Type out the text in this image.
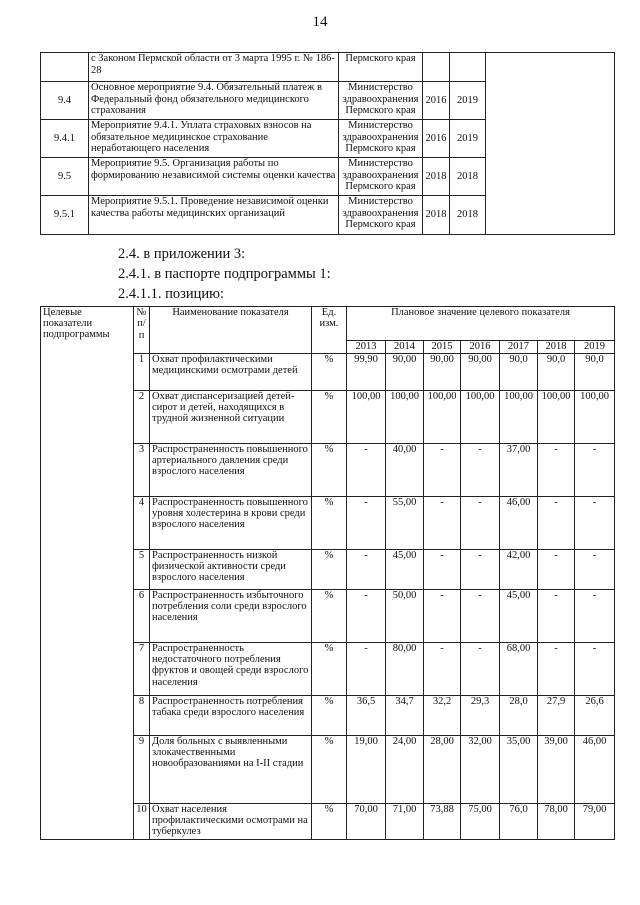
14
	с Законом Пермской области от 3 марта 1995 г. № 186-28	Пермского края			
9.4	Основное мероприятие 9.4. Обязательный платеж в Федеральный фонд обязательного медицинского страхования	Министерство здравоохранения Пермского края	2016	2019	
9.4.1	Мероприятие 9.4.1. Уплата страховых взносов на обязательное медицинское страхование неработающего населения	Министерство здравоохранения Пермского края	2016	2019	
9.5	Мероприятие 9.5. Организация работы по формированию независимой системы оценки качества	Министерство здравоохранения Пермского края	2018	2018	
9.5.1	Мероприятие 9.5.1. Проведение независимой оценки качества работы медицинских организаций	Министерство здравоохранения Пермского края	2018	2018	
2.4. в приложении 3:
2.4.1. в паспорте подпрограммы 1:
2.4.1.1. позицию:
Целевые показатели подпрограммы	№ п/п	Наименование показателя	Ед. изм.	Плановое значение целевого показателя						
				2013	2014	2015	2016	2017	2018	2019
	1	Охват профилактическими медицинскими осмотрами детей	%	99,90	90,00	90,00	90,00	90,0	90,0	90,0
	2	Охват диспансеризацией детей-сирот и детей, находящихся в трудной жизненной ситуации	%	100,00	100,00	100,00	100,00	100,00	100,00	100,00
	3	Распространенность повышенного артериального давления среди взрослого населения	%	-	40,00	-	-	37,00	-	-
	4	Распространенность повышенного уровня холестерина в крови среди взрослого населения	%	-	55,00	-	-	46,00	-	-
	5	Распространенность низкой физической активности среди взрослого населения	%	-	45,00	-	-	42,00	-	-
	6	Распространенность избыточного потребления соли среди взрослого населения	%	-	50,00	-	-	45,00	-	-
	7	Распространенность недостаточного потребления фруктов и овощей среди взрослого населения	%	-	80,00	-	-	68,00	-	-
	8	Распространенность потребления табака среди взрослого населения	%	36,5	34,7	32,2	29,3	28,0	27,9	26,6
	9	Доля больных с выявленными злокачественными новообразованиями на I-II стадии	%	19,00	24,00	28,00	32,00	35,00	39,00	46,00
	10	Охват населения профилактическими осмотрами на туберкулез	%	70,00	71,00	73,88	75,00	76,0	78,00	79,00
